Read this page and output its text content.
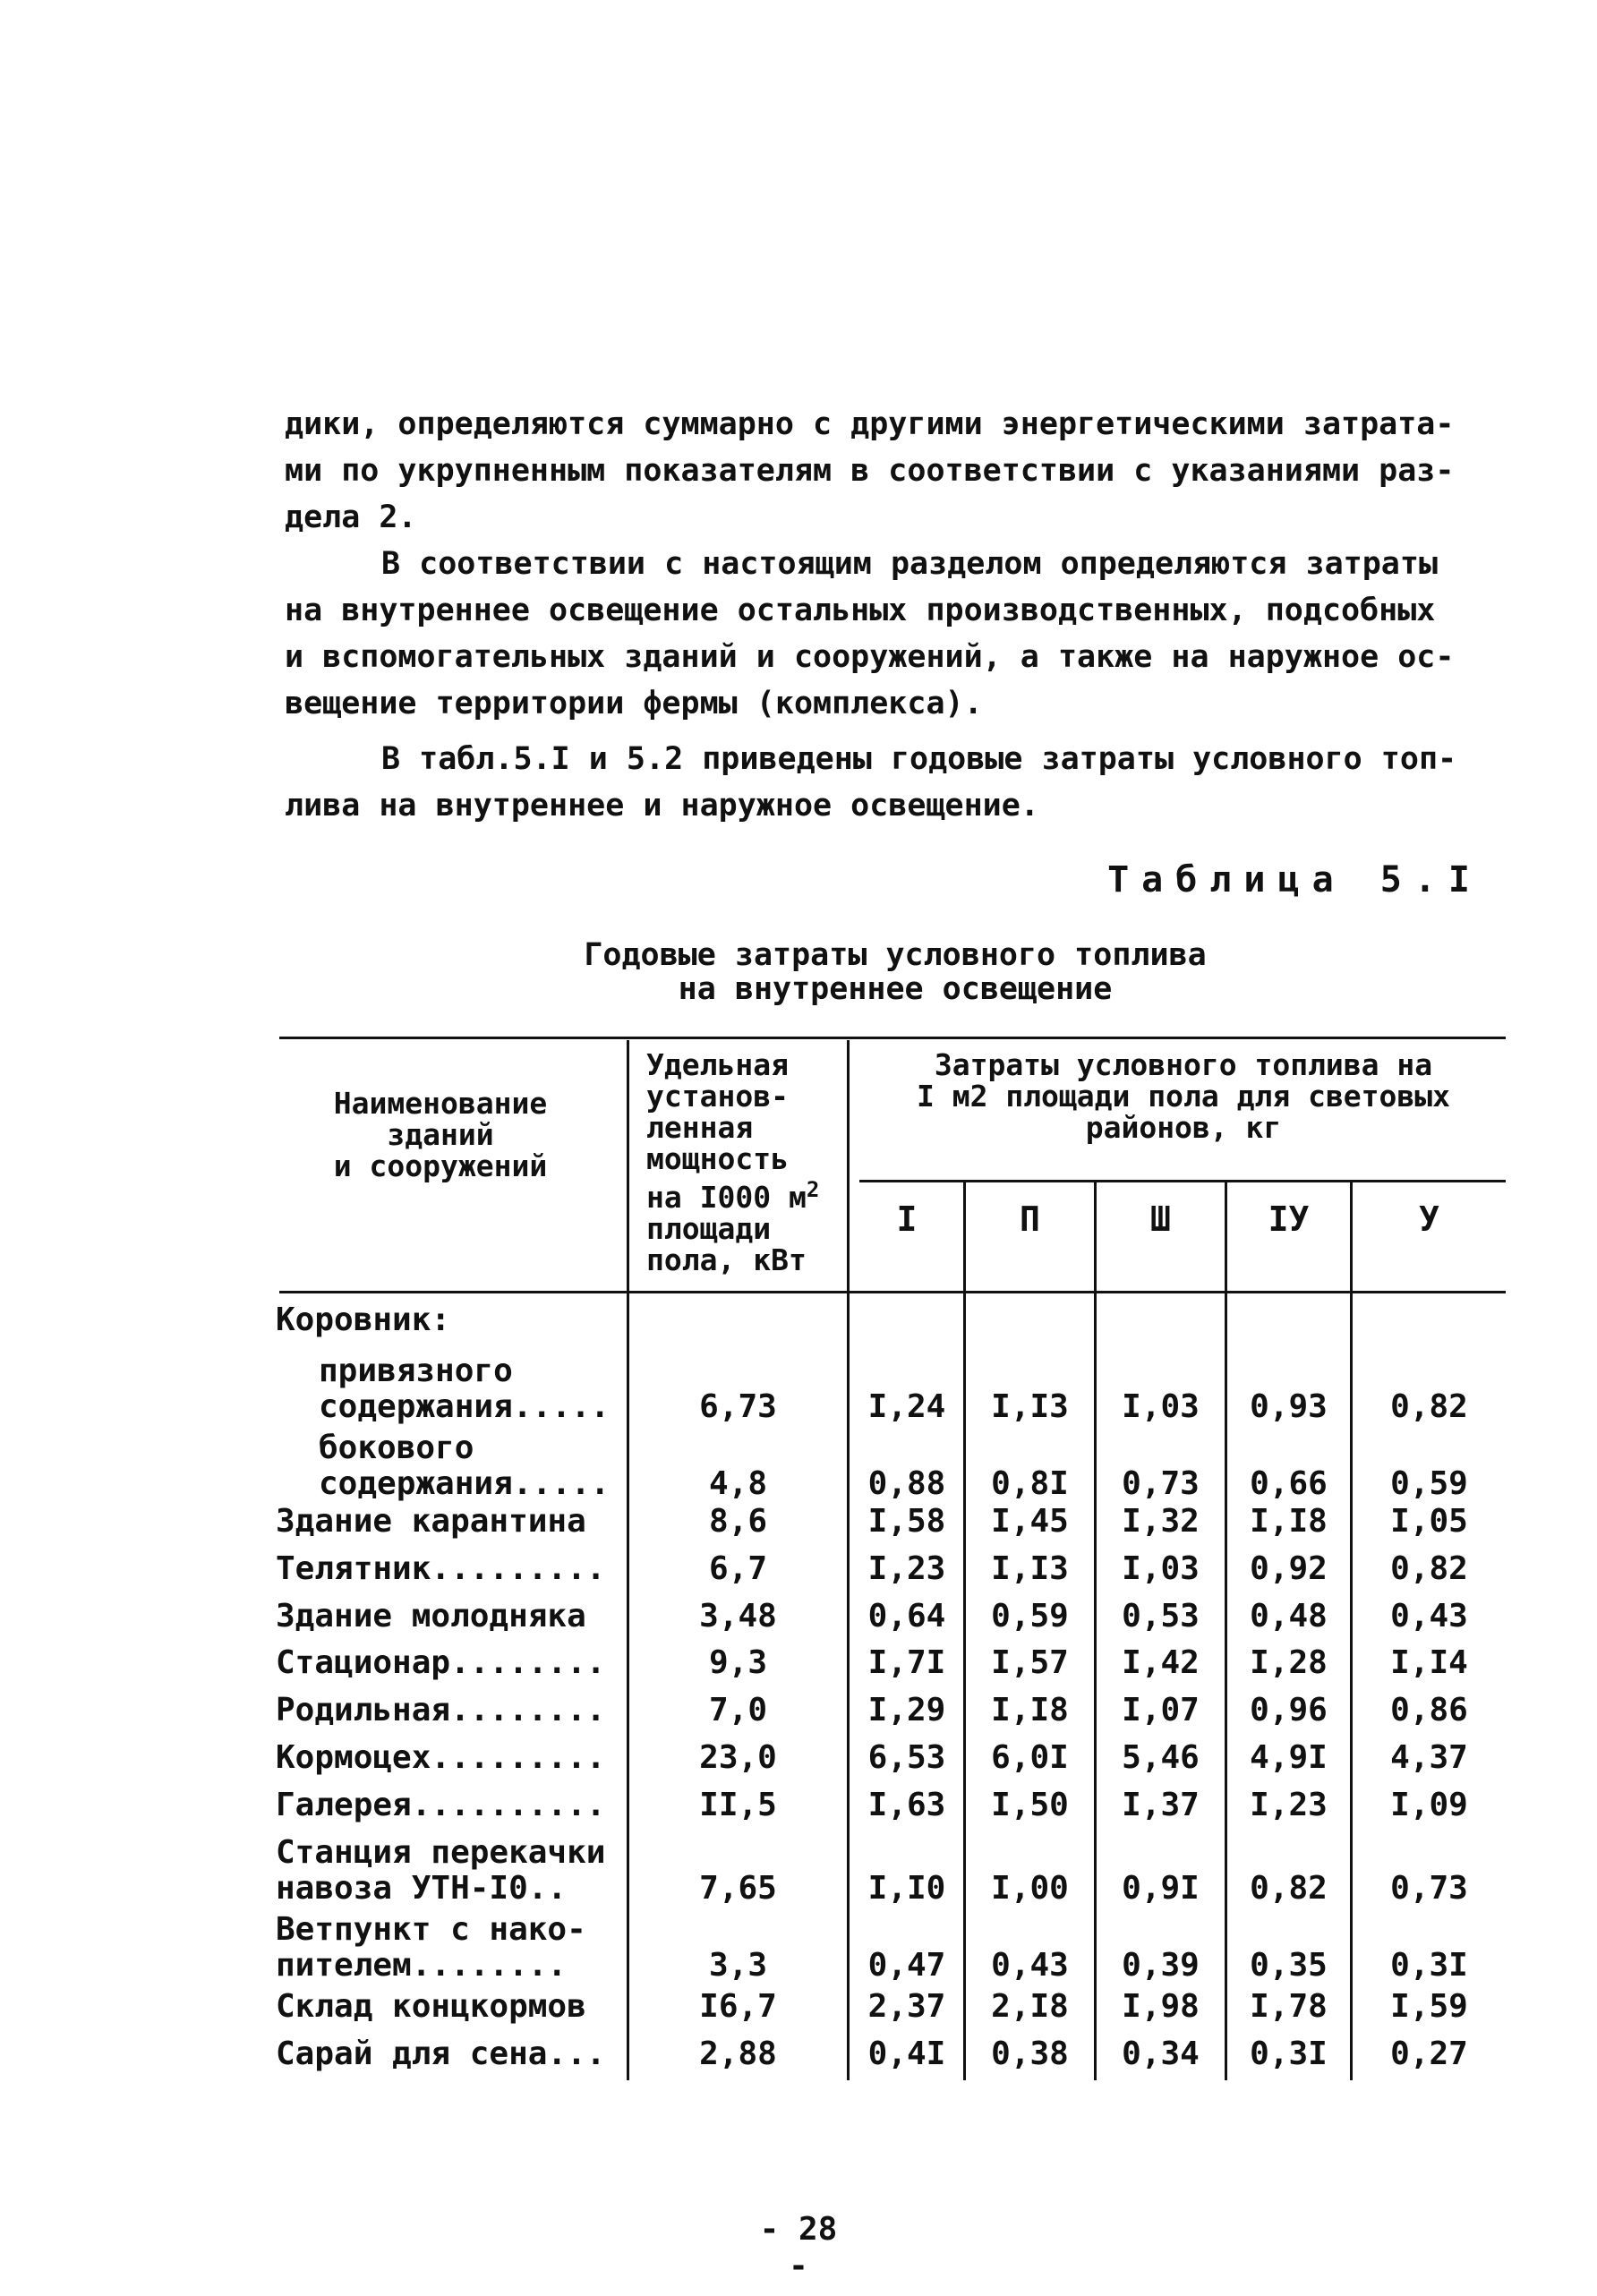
дики, определяются суммарно с другими энергетическими затрата-
ми по укрупненным показателям в соответствии с указаниями раз-
дела 2.

В соответствии с настоящим разделом определяются затраты
на внутреннее освещение остальных производственных, подсобных
и вспомогательных зданий и сооружений, а также на наружное ос-
вещение территории фермы (комплекса).

В табл.5.I и 5.2 приведены годовые затраты условного топ-
лива на внутреннее и наружное освещение.

Таблица 5.I
Годовые затраты условного топлива
на внутреннее освещение
Наименование
зданий
и сооружений
Удельная
установ-
ленная
мощность
на I000 $м^2$
площади
пола, кВт
Затраты условного топлива на
I м2 площади пола для световых
районов, кг
I	П	Ш	IУ	У
Коровник:
привязного
содержания.....	6,73	I,24	I,I3	I,03	0,93	0,82
бокового
содержания.....	4,8	0,88	0,8I	0,73	0,66	0,59
Здание карантина	8,6	I,58	I,45	I,32	I,I8	I,05
Телятник.........	6,7	I,23	I,I3	I,03	0,92	0,82
Здание молодняка	3,48	0,64	0,59	0,53	0,48	0,43
Стационар........	9,3	I,7I	I,57	I,42	I,28	I,I4
Родильная........	7,0	I,29	I,I8	I,07	0,96	0,86
Кормоцех.........	23,0	6,53	6,0I	5,46	4,9I	4,37
Галерея..........	II,5	I,63	I,50	I,37	I,23	I,09
Станция перекачки
навоза УТН-I0..	7,65	I,I0	I,00	0,9I	0,82	0,73
Ветпункт с нако-
пителем........	3,3	0,47	0,43	0,39	0,35	0,3I
Склад концкормов	I6,7	2,37	2,I8	I,98	I,78	I,59
Сарай для сена...	2,88	0,4I	0,38	0,34	0,3I	0,27
- 28 -
